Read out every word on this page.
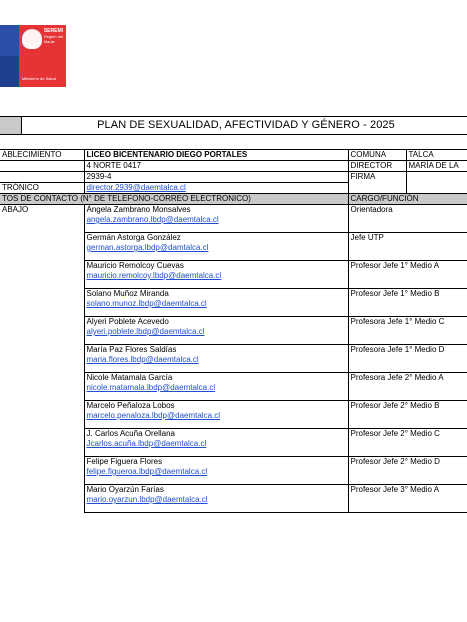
SEREMI
Región del Maule
Ministerio de Salud
PLAN DE SEXUALIDAD, AFECTIVIDAD Y GÉNERO - 2025
ABLECIMIENTO	LICEO BICENTENARIO DIEGO PORTALES	COMUNA	TALCA
	4 NORTE 0417	DIRECTOR	MARÍA DE LA
	2939-4	FIRMA	
TRÓNICO	director.2939@daemtalca.cl		

TOS DE CONTACTO (N° DE TELEFONO-CORREO ELECTRONICO)		CARGO/FUNCIÓN	
ABAJO	Ángela Zambrano Monsalves
angela.zambrano.lbdp@daemtalca.cl	Orientadora	

	Germán Astorga González
german.astorga.lbdp@damtalca.cl	Jefe UTP	

	Mauricio Remolcoy Cuevas
mauricio.remolcoy.lbdp@daemtalca.cl	Profesor Jefe 1° Medio A	

	Solano Muñoz Miranda
solano.munoz.lbdp@daemtalca.cl	Profesor Jefe 1° Medio B	

	Alyeri Poblete Acevedo
alyeri.poblete.lbdp@daemtalca.cl	Profesora Jefe 1° Medio C	

	María Paz Flores Saldías
maria.flores.lbdp@daemtalca.cl	Profesora Jefe 1° Medio D	

	Nicole Matamala García
nicole.matamala.lbdp@daemtalca.cl	Profesora Jefe 2° Medio A	

	Marcelo Peñaloza Lobos
marcelo.penaloza.lbdp@daemtalca.cl	Profesor Jefe 2° Medio B	

	J. Carlos Acuña Orellana
Jcarlos.acuña.lbdp@daemtalca.cl	Profesor Jefe 2° Medio C	

	Felipe Figuera Flores
felipe.figueroa.lbdp@daemtalca.cl	Profesor Jefe 2° Medio D	

	Mario Oyarzún Farías
mario.oyarzun.lbdp@daemtalca.cl	Profesor Jefe 3° Medio A	
